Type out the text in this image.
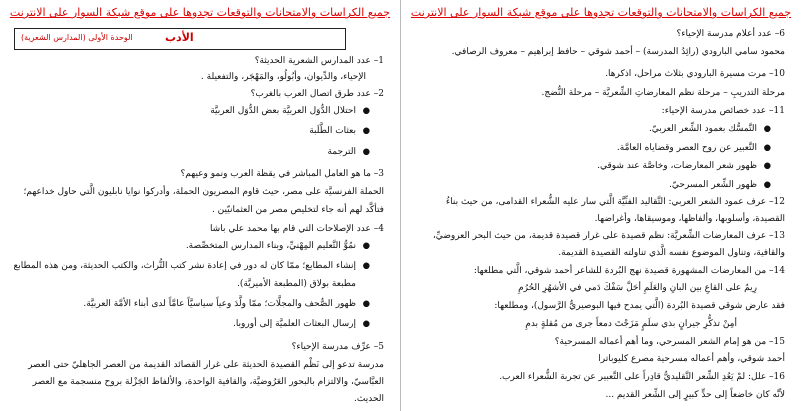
جميع الكراسات والامتحانات والتوقعات تجدوها على موقع شبكة السوار على الانترنت
الوحدة الأولى (المدارس الشعرية)	الأدب
1– عدد المدارس الشعرية الحديثة؟
الإحياء، والدِّيوان، وأبُولُو، والمَهْجَر، والتفعيلة .
2– عدد طرق اتصال العرب بالغرب؟
احتلال الدُّوَل العربيَّة بعض الدُّوَل العربيَّة
بعثات الطَّلَبة
الترجمة
3– ما هو العامل المباشر في يقظة العرب ونمو وعيهم؟
الحملة الفرنسيَّة على مصر، حيث قاوم المصريون الحملة، وأدركوا نوايا نابليون الَّتي حاول خداعهم؛
فتأكَّد لهم أنه جاء لتخليص مصر من العثمانيّين .
4– عدد الإصلاحات التي قام بها محمد علي باشا
نمُوُّ التَّعليم المِهْنيِّ، وبناء المدارس المتخصِّصة.
إنشاء المطابع؛ ممّا كان له دور في إعادة نشر كتب التُّراث، والكتب الحديثة، ومن هذه المطابع
مطبعة بولاق (المطبعة الأميريَّة).
ظهور الصُّحف والمجلَّات؛ ممّا ولَّدَ وعياً سياسيَّاً عامَّاً لدى أبناء الأمَّة العربيَّة.
إرسال البعثات العلميَّة إلى أوروبا.
5– عرِّف مدرسة الإحياء؟
مدرسة تدعو إلى نَظْم القصيدة الحديثة على غرار القصائد القديمة من العصر الجاهليّ حتى العصر
العبَّاسيّ، والالتزام بالبحور العَرُوضيَّة، والقافية الواحدة، والألفاظ الجَزْلة بروح منسجمة مع العصر
الحديث.
●
●
●
●
●
●
●
جميع الكراسات والامتحانات والتوقعات تجدوها على موقع شبكة السوار على الانترنت
6– عدد أعلام مدرسة الإحياء؟
محمود سامي البارودي (رائِدُ المدرسة) – أحمد شوقي – حافظ إبراهيم – معروف الرصافي.
10– مرت مسيرة البارودي بثلاث مراحل، اذكرها.
مرحلة التدريبِ – مرحلة نظم المعارضاتِ الشِّعريَّة – مرحلة النُّضج.
11– عدد خصائص مدرسة الإحياء:
التَّمسُّك بعمود الشِّعر العربيّ.
التَّعبير عن روح العصر وقضاياه العامَّة.
ظهور شعر المعارضات، وخاصَّة عند شوقي.
ظهور الشِّعر المسرحيّ.
12– عرف عمود الشعر العربي: التَّقاليد الفنِّيَّة الَّتي سار عليه الشُّعراء القدامى، من حيث بناءُ
القصيدة، وأسلوبها، وألفاظها، وموسيقاها، وأغراضها.
13– عرف المعارضات الشِّعريَّة: نظم قصيدة على غرار قصيدة قديمة، من حيث البحر العروضيِّ،
والقافية، وتناول الموضوع نفسه الَّذي تناولته القصيدة القديمة.
14– من المعارضات المشهورة قصيدة نهج البُردة للشاعر أحمد شوقي، الَّتي مطلعها:
رِيمٌ على القاعِ بين البانِ والعَلَمِ أحَلَّ سَفْكَ دَمي في الأشهُرِ الحُرُمِ
فقد عارض شوقي قصيدة البُردة (الَّتي يمدح فيها البوصيريُّ الرَّسول)، ومطلعها:
أمِنْ تذكُّرِ جيرانٍ بذي سلَمٍ مَزَجْتَ دمعاً جرى من مُقلةٍ بدمِ
15– من هو إمام الشعر المسرحي، وما أهم أعماله المسرحية؟
أحمد شوقي، وأهم أعماله مسرحية مصرع كليوباترا
16– علل: لمْ يَعُدِ الشِّعر التَّقليديُّ قادِراً على التَّعبير عن تجربة الشُّعراء العرب.
لأنَّه كان خاضعاً إلى حدٍّ كبيرٍ إلى الشِّعر القديم ...
●
●
●
●
